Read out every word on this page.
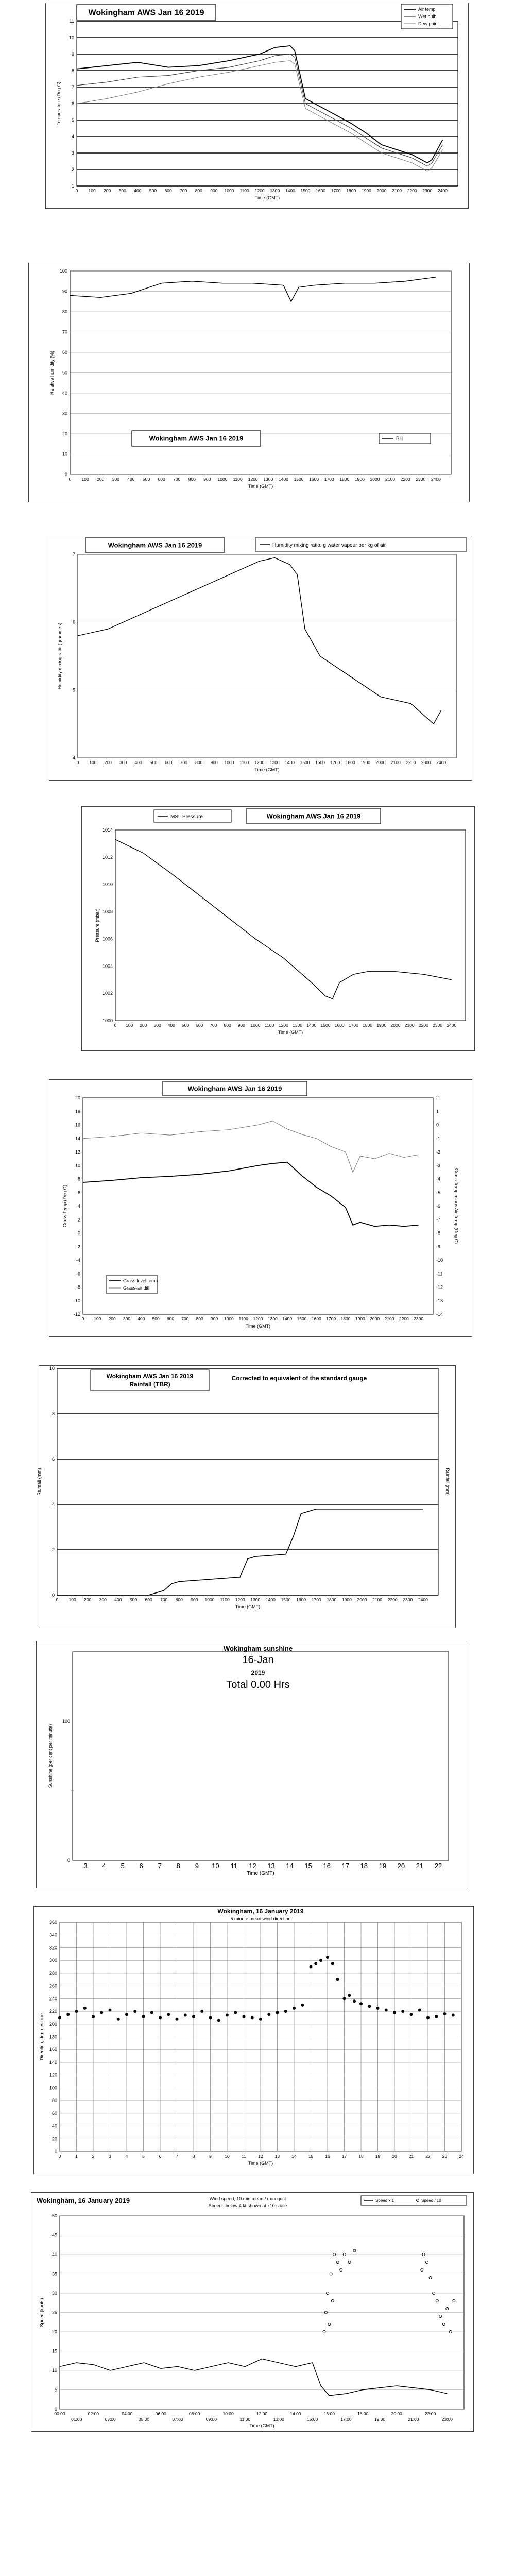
11
10
9
8
7
6
5
4
3
2
1
0 100 200 300 400 500 600 700 800 900 1000 1100 1200 1300 1400 1500 1600 1700 1800 1900 2000 2100 2200 2300 2400
Time (GMT)
Temperature (Deg C)
Wokingham AWS Jan 16 2019	Air temp
Wet bulb
Dew point
100
90
80
70
60
50
40
30
20
10
0
0 100 200 300 400 500 600 700 800 900 1000 1100 1200 1300 1400 1500 1600 1700 1800 1900 2000 2100 2200 2300 2400
Time (GMT)
Relative humidity (%)
Wokingham AWS Jan 16 2019	RH
7
6
5
4
0 100 200 300 400 500 600 700 800 900 1000 1100 1200 1300 1400 1500 1600 1700 1800 1900 2000 2100 2200 2300 2400
Time (GMT)
Humidity mixing ratio (grammes)
Wokingham AWS Jan 16 2019	Humidity mixing ratio, g water vapour per kg of air
1014
1012
1010
1008
1006
1004
1002
1000
0 100 200 300 400 500 600 700 800 900 1000 1100 1200 1300 1400 1500 1600 1700 1800 1900 2000 2100 2200 2300 2400
Time (GMT)
Pressure (mbar)
Wokingham AWS Jan 16 2019
MSL Pressure
20
18
16
14
12
10
8
6
4
2
0
-2
-4
-6
-8
-10
-12
0 100 200 300 400 500 600 700 800 900 1000 1100 1200 1300 1400 1500 1600 1700 1800 1900 2000 2100 2200 2300
Time (GMT)
Grass Temp (Deg C)
2
1
0
-1
-2
-3
-4
-5
-6
-7
-8
-9
-10
-11
-12
-13
-14
Grass Temp minus Air Temp (Deg C)
Wokingham AWS Jan 16 2019
Grass level temp
Grass-air diff
10
8
6
4
2
0
0 100 200 300 400 500 600 700 800 900 1000 1100 1200 1300 1400 1500 1600 1700 1800 1900 2000 2100 2200 2300 2400
Time (GMT)
Rainfall (mm)	Rainfall (mm)
Wokingham AWS Jan 16 2019
Rainfall (TBR)
Corrected to equivalent of the standard gauge
100
0
3 4 5 6 7 8 9 10 11 12 13 14 15 16 17 18 19 20 21 22
Time (GMT)
Sunshine (per cent per minute)
Wokingham sunshine
16-Jan
2019
Total 0.00 Hrs
360
340
320
300
280
260
240
220
200
180
160
140
120
100
80
60
40
20
0
0	1	2	3	4	5	6	7	8	9	10	11	12	13	14	15	16	17	18	19	20	21	22	23	24
Time (GMT)
Direction, degrees true
Wokingham, 16 January 2019
5 minute mean wind direction
50
45
40
35
30
25
20
15
10
5
0
00:00	02:00	04:00	06:00	08:00	10:00	12:00	14:00	16:00	18:00	20:00	22:00
01:00	03:00	05:00	07:00	09:00	11:00	13:00	15:00	17:00	19:00	21:00	23:00
Time (GMT)
Speed (knots)
Wokingham, 16 January 2019	Wind speed, 10 min mean / max gust
Speeds below 4 kt shown at x10 scale
Speed x 1	Speed / 10
